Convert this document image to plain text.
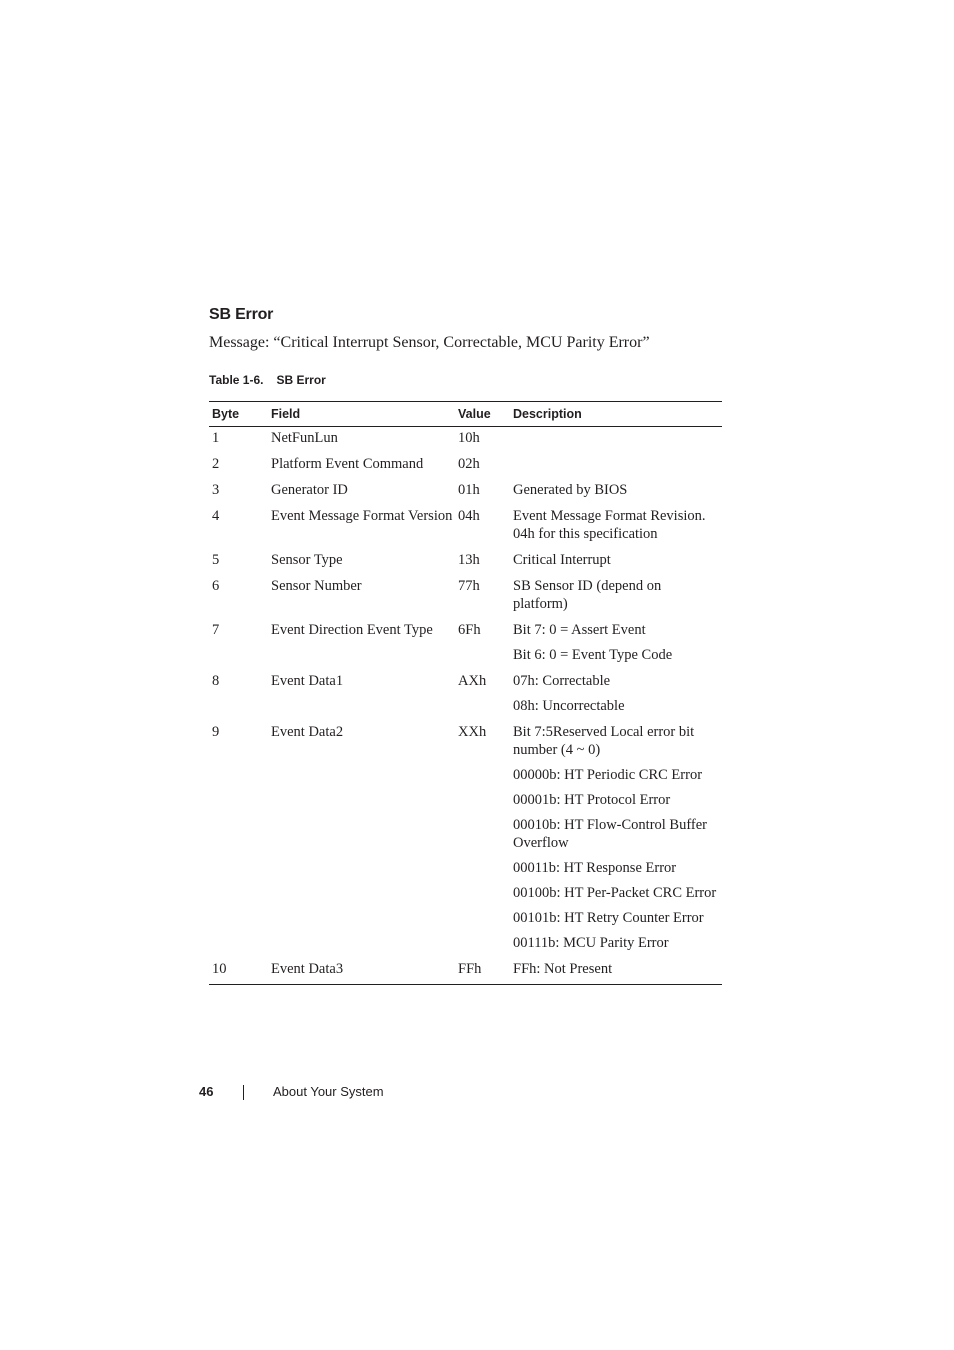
SB Error
Message: “Critical Interrupt Sensor, Correctable, MCU Parity Error”
Table 1-6. SB Error
Byte	Field	Value	Description
1	NetFunLun	10h	
2	Platform Event Command	02h	
3	Generator ID	01h	Generated by BIOS
4	Event Message Format Version	04h	Event Message Format Revision. 04h for this specification
5	Sensor Type	13h	Critical Interrupt
6	Sensor Number	77h	SB Sensor ID (depend on platform)
7	Event Direction Event Type	6Fh	Bit 7: 0 = Assert Event
			Bit 6: 0 = Event Type Code
8	Event Data1	AXh	07h: Correctable
			08h: Uncorrectable
9	Event Data2	XXh	Bit 7:5Reserved Local error bit number (4 ~ 0)
			00000b: HT Periodic CRC Error
			00001b: HT Protocol Error
			00010b: HT Flow-Control Buffer Overflow
			00011b: HT Response Error
			00100b: HT Per-Packet CRC Error
			00101b: HT Retry Counter Error
			00111b: MCU Parity Error
10	Event Data3	FFh	FFh: Not Present
46	About Your System
